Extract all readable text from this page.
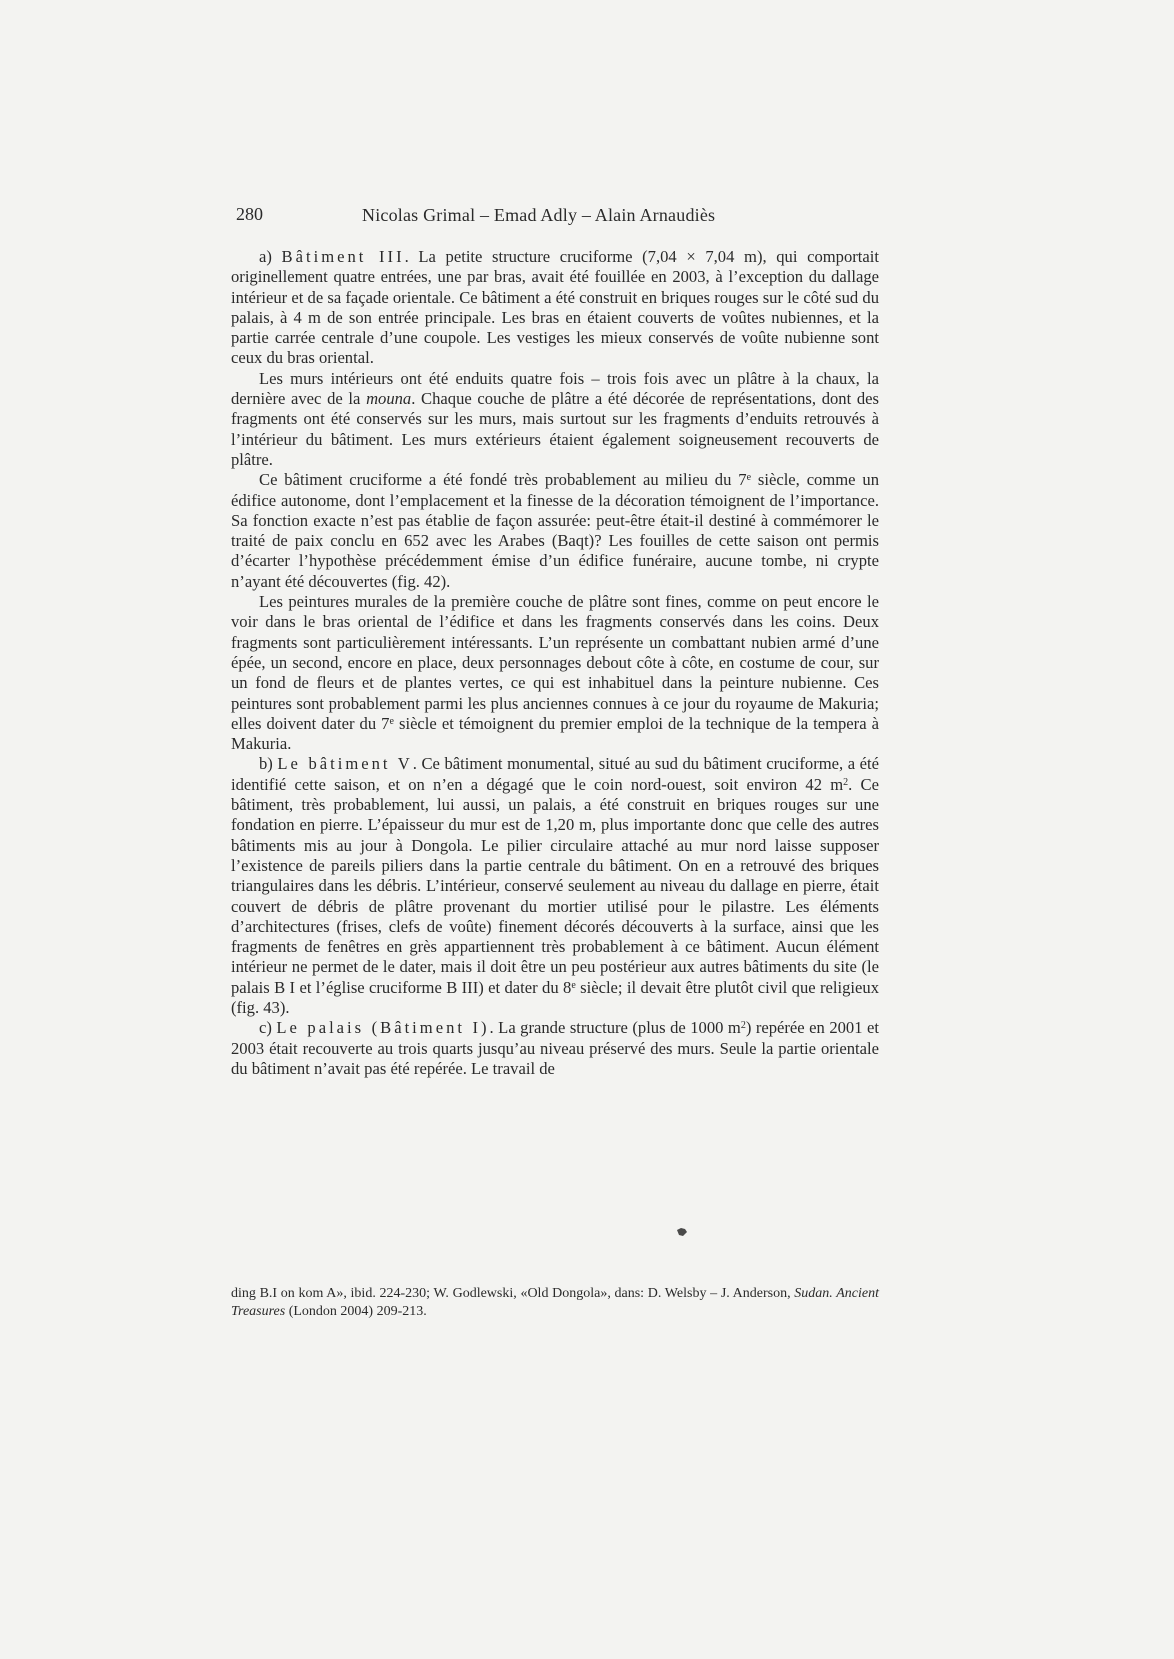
280	Nicolas Grimal – Emad Adly – Alain Arnaudiès

a) Bâtiment III. La petite structure cruciforme (7,04 × 7,04 m), qui comportait originellement quatre entrées, une par bras, avait été fouillée en 2003, à l’exception du dallage intérieur et de sa façade orientale. Ce bâtiment a été construit en briques rouges sur le côté sud du palais, à 4 m de son entrée principale. Les bras en étaient couverts de voûtes nubiennes, et la partie carrée centrale d’une coupole. Les vestiges les mieux conservés de voûte nubienne sont ceux du bras oriental.

Les murs intérieurs ont été enduits quatre fois – trois fois avec un plâtre à la chaux, la dernière avec de la mouna. Chaque couche de plâtre a été décorée de représentations, dont des fragments ont été conservés sur les murs, mais surtout sur les fragments d’enduits retrouvés à l’intérieur du bâtiment. Les murs extérieurs étaient également soigneusement recouverts de plâtre.

Ce bâtiment cruciforme a été fondé très probablement au milieu du 7e siècle, comme un édifice autonome, dont l’emplacement et la finesse de la décoration témoignent de l’importance. Sa fonction exacte n’est pas établie de façon assurée: peut-être était-il destiné à commémorer le traité de paix conclu en 652 avec les Arabes (Baqt)? Les fouilles de cette saison ont permis d’écarter l’hypothèse précédemment émise d’un édifice funéraire, aucune tombe, ni crypte n’ayant été découvertes (fig. 42).

Les peintures murales de la première couche de plâtre sont fines, comme on peut encore le voir dans le bras oriental de l’édifice et dans les fragments conservés dans les coins. Deux fragments sont particulièrement intéressants. L’un représente un combattant nubien armé d’une épée, un second, encore en place, deux personnages debout côte à côte, en costume de cour, sur un fond de fleurs et de plantes vertes, ce qui est inhabituel dans la peinture nubienne. Ces peintures sont probablement parmi les plus anciennes connues à ce jour du royaume de Makuria; elles doivent dater du 7e siècle et témoignent du premier emploi de la technique de la tempera à Makuria.

b) Le bâtiment V. Ce bâtiment monumental, situé au sud du bâtiment cruciforme, a été identifié cette saison, et on n’en a dégagé que le coin nord-ouest, soit environ 42 $m^2$. Ce bâtiment, très probablement, lui aussi, un palais, a été construit en briques rouges sur une fondation en pierre. L’épaisseur du mur est de 1,20 m, plus importante donc que celle des autres bâtiments mis au jour à Dongola. Le pilier circulaire attaché au mur nord laisse supposer l’existence de pareils piliers dans la partie centrale du bâtiment. On en a retrouvé des briques triangulaires dans les débris. L’intérieur, conservé seulement au niveau du dallage en pierre, était couvert de débris de plâtre provenant du mortier utilisé pour le pilastre. Les éléments d’architectures (frises, clefs de voûte) finement décorés découverts à la surface, ainsi que les fragments de fenêtres en grès appartiennent très probablement à ce bâtiment. Aucun élément intérieur ne permet de le dater, mais il doit être un peu postérieur aux autres bâtiments du site (le palais B I et l’église cruciforme B III) et dater du 8e siècle; il devait être plutôt civil que religieux (fig. 43).

c) Le palais (Bâtiment I). La grande structure (plus de 1000 $m^2$) repérée en 2001 et 2003 était recouverte au trois quarts jusqu’au niveau préservé des murs. Seule la partie orientale du bâtiment n’avait pas été repérée. Le travail de

ding B.I on kom A», ibid. 224-230; W. Godlewski, «Old Dongola», dans: D. Welsby – J. Anderson, Sudan. Ancient Treasures (London 2004) 209-213.
